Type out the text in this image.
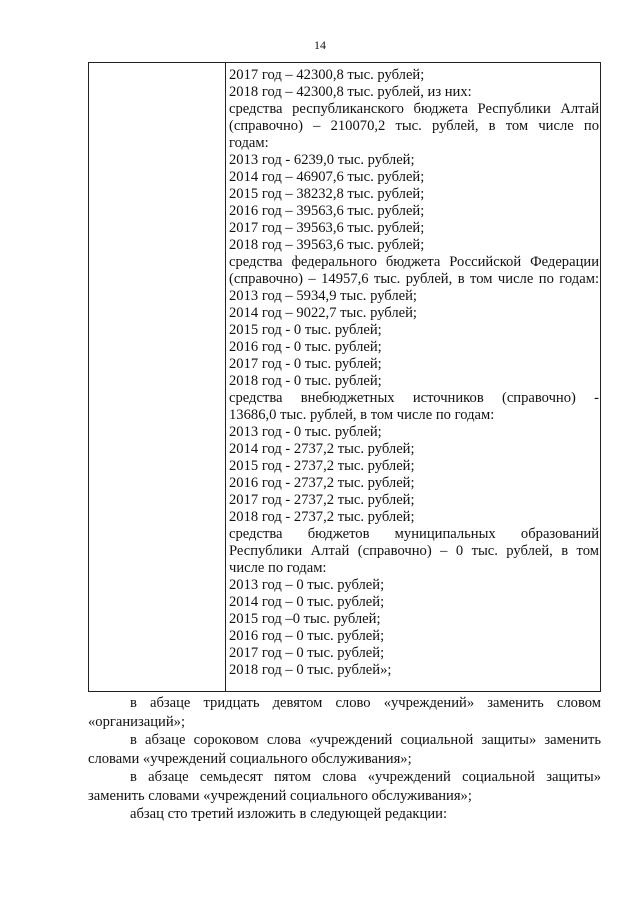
14
2017 год – 42300,8 тыс. рублей;
2018 год – 42300,8 тыс. рублей, из них:
средства республиканского бюджета Республики Алтай
(справочно) – 210070,2 тыс. рублей, в том числе по
годам:
2013 год - 6239,0 тыс. рублей;
2014 год – 46907,6 тыс. рублей;
2015 год – 38232,8 тыс. рублей;
2016 год – 39563,6 тыс. рублей;
2017 год – 39563,6 тыс. рублей;
2018 год – 39563,6 тыс. рублей;
средства федерального бюджета Российской Федерации
(справочно) – 14957,6 тыс. рублей, в том числе по годам:
2013 год – 5934,9 тыс. рублей;
2014 год – 9022,7 тыс. рублей;
2015 год - 0 тыс. рублей;
2016 год - 0 тыс. рублей;
2017 год - 0 тыс. рублей;
2018 год - 0 тыс. рублей;
средства внебюджетных источников (справочно) -
13686,0 тыс. рублей, в том числе по годам:
2013 год - 0 тыс. рублей;
2014 год - 2737,2 тыс. рублей;
2015 год - 2737,2 тыс. рублей;
2016 год - 2737,2 тыс. рублей;
2017 год - 2737,2 тыс. рублей;
2018 год - 2737,2 тыс. рублей;
средства бюджетов муниципальных образований
Республики Алтай (справочно) – 0 тыс. рублей, в том
числе по годам:
2013 год – 0 тыс. рублей;
2014 год – 0 тыс. рублей;
2015 год –0 тыс. рублей;
2016 год – 0 тыс. рублей;
2017 год – 0 тыс. рублей;
2018 год – 0 тыс. рублей»;
в абзаце тридцать девятом слово «учреждений» заменить словом
«организаций»;
в абзаце сороковом слова «учреждений социальной защиты» заменить
словами «учреждений социального обслуживания»;
в абзаце семьдесят пятом слова «учреждений социальной защиты»
заменить словами «учреждений социального обслуживания»;
абзац сто третий изложить в следующей редакции:
